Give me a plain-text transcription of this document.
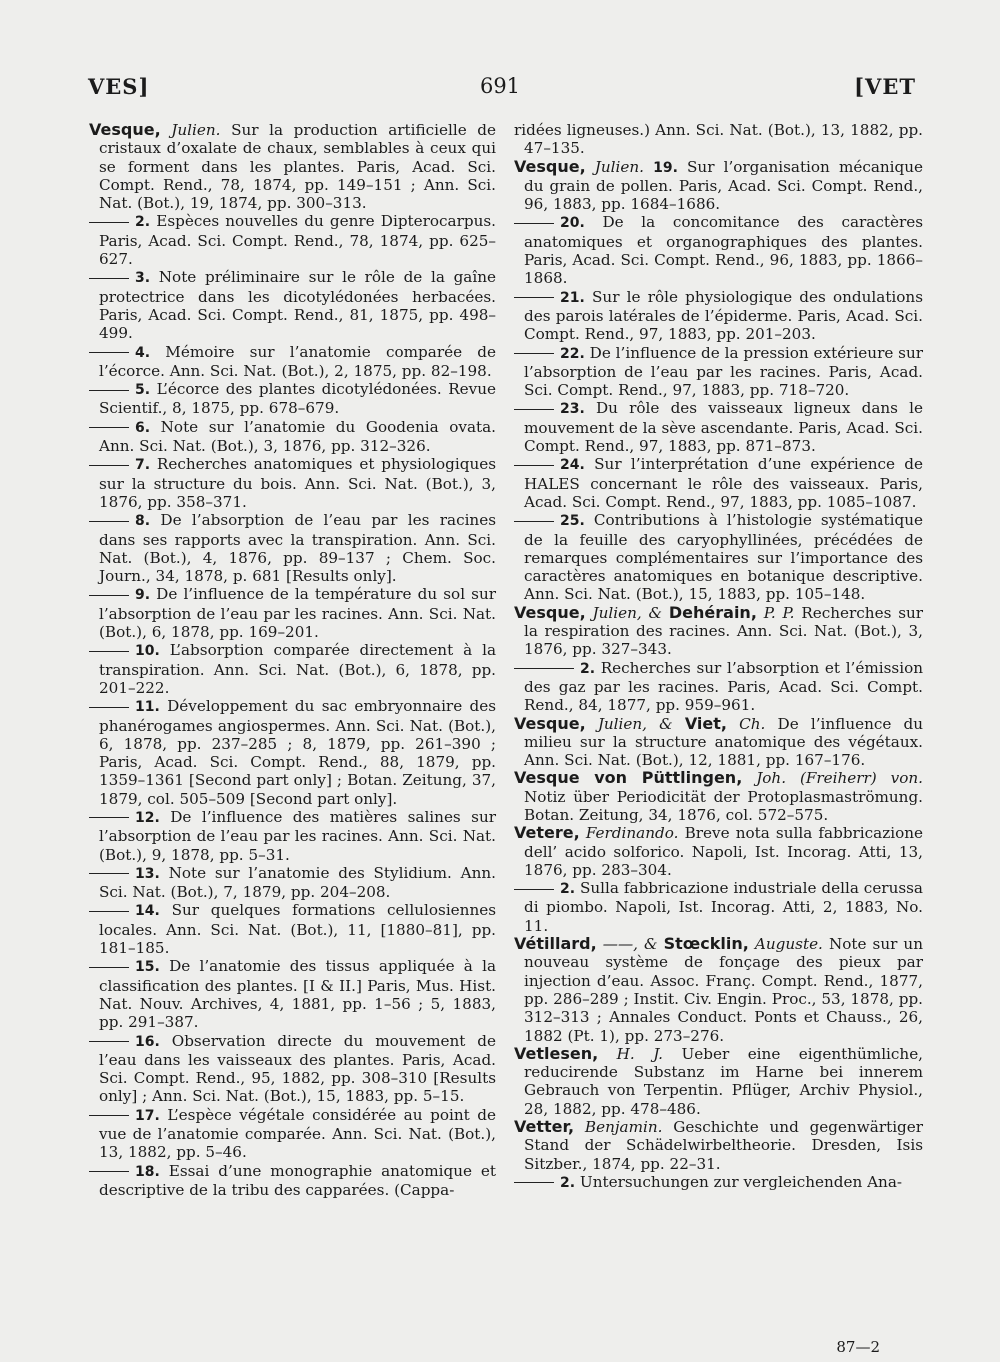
VES]	691	[VET

Vesque, Julien. Sur la production artificielle de cristaux d’oxalate de chaux, semblables à ceux qui se forment dans les plantes. Paris, Acad. Sci. Compt. Rend., 78, 1874, pp. 149–151 ; Ann. Sci. Nat. (Bot.), 19, 1874, pp. 300–313.

2. Espèces nouvelles du genre Dipterocarpus. Paris, Acad. Sci. Compt. Rend., 78, 1874, pp. 625–627.

3. Note préliminaire sur le rôle de la gaîne protectrice dans les dicotylédonées herbacées. Paris, Acad. Sci. Compt. Rend., 81, 1875, pp. 498–499.

4. Mémoire sur l’anatomie comparée de l’écorce. Ann. Sci. Nat. (Bot.), 2, 1875, pp. 82–198.

5. L’écorce des plantes dicotylédonées. Revue Scientif., 8, 1875, pp. 678–679.

6. Note sur l’anatomie du Goodenia ovata. Ann. Sci. Nat. (Bot.), 3, 1876, pp. 312–326.

7. Recherches anatomiques et physiologiques sur la structure du bois. Ann. Sci. Nat. (Bot.), 3, 1876, pp. 358–371.

8. De l’absorption de l’eau par les racines dans ses rapports avec la transpiration. Ann. Sci. Nat. (Bot.), 4, 1876, pp. 89–137 ; Chem. Soc. Journ., 34, 1878, p. 681 [Results only].

9. De l’influence de la température du sol sur l’absorption de l’eau par les racines. Ann. Sci. Nat. (Bot.), 6, 1878, pp. 169–201.

10. L’absorption comparée directement à la transpiration. Ann. Sci. Nat. (Bot.), 6, 1878, pp. 201–222.

11. Développement du sac embryonnaire des phanérogames angiospermes. Ann. Sci. Nat. (Bot.), 6, 1878, pp. 237–285 ; 8, 1879, pp. 261–390 ; Paris, Acad. Sci. Compt. Rend., 88, 1879, pp. 1359–1361 [Second part only] ; Botan. Zeitung, 37, 1879, col. 505–509 [Second part only].

12. De l’influence des matières salines sur l’absorption de l’eau par les racines. Ann. Sci. Nat. (Bot.), 9, 1878, pp. 5–31.

13. Note sur l’anatomie des Stylidium. Ann. Sci. Nat. (Bot.), 7, 1879, pp. 204–208.

14. Sur quelques formations cellulosiennes locales. Ann. Sci. Nat. (Bot.), 11, [1880–81], pp. 181–185.

15. De l’anatomie des tissus appliquée à la classification des plantes. [I & II.] Paris, Mus. Hist. Nat. Nouv. Archives, 4, 1881, pp. 1–56 ; 5, 1883, pp. 291–387.

16. Observation directe du mouvement de l’eau dans les vaisseaux des plantes. Paris, Acad. Sci. Compt. Rend., 95, 1882, pp. 308–310 [Results only] ; Ann. Sci. Nat. (Bot.), 15, 1883, pp. 5–15.

17. L’espèce végétale considérée au point de vue de l’anatomie comparée. Ann. Sci. Nat. (Bot.), 13, 1882, pp. 5–46.

18. Essai d’une monographie anatomique et descriptive de la tribu des capparées. (Cappa-

ridées ligneuses.) Ann. Sci. Nat. (Bot.), 13, 1882, pp. 47–135.

Vesque, Julien. 19. Sur l’organisation mécanique du grain de pollen. Paris, Acad. Sci. Compt. Rend., 96, 1883, pp. 1684–1686.

20. De la concomitance des caractères anatomiques et organographiques des plantes. Paris, Acad. Sci. Compt. Rend., 96, 1883, pp. 1866–1868.

21. Sur le rôle physiologique des ondulations des parois latérales de l’épiderme. Paris, Acad. Sci. Compt. Rend., 97, 1883, pp. 201–203.

22. De l’influence de la pression extérieure sur l’absorption de l’eau par les racines. Paris, Acad. Sci. Compt. Rend., 97, 1883, pp. 718–720.

23. Du rôle des vaisseaux ligneux dans le mouvement de la sève ascendante. Paris, Acad. Sci. Compt. Rend., 97, 1883, pp. 871–873.

24. Sur l’interprétation d’une expérience de HALES concernant le rôle des vaisseaux. Paris, Acad. Sci. Compt. Rend., 97, 1883, pp. 1085–1087.

25. Contributions à l’histologie systématique de la feuille des caryophyllinées, précédées de remarques complémentaires sur l’importance des caractères anatomiques en botanique descriptive. Ann. Sci. Nat. (Bot.), 15, 1883, pp. 105–148.

Vesque, Julien, & Dehérain, P. P. Recherches sur la respiration des racines. Ann. Sci. Nat. (Bot.), 3, 1876, pp. 327–343.

2. Recherches sur l’absorption et l’émission des gaz par les racines. Paris, Acad. Sci. Compt. Rend., 84, 1877, pp. 959–961.

Vesque, Julien, & Viet, Ch. De l’influence du milieu sur la structure anatomique des végétaux. Ann. Sci. Nat. (Bot.), 12, 1881, pp. 167–176.

Vesque von Püttlingen, Joh. (Freiherr) von. Notiz über Periodicität der Protoplasmaströmung. Botan. Zeitung, 34, 1876, col. 572–575.

Vetere, Ferdinando. Breve nota sulla fabbricazione dell’ acido solforico. Napoli, Ist. Incorag. Atti, 13, 1876, pp. 283–304.

2. Sulla fabbricazione industriale della cerussa di piombo. Napoli, Ist. Incorag. Atti, 2, 1883, No. 11.

Vétillard, ——, & Stœcklin, Auguste. Note sur un nouveau système de fonçage des pieux par injection d’eau. Assoc. Franç. Compt. Rend., 1877, pp. 286–289 ; Instit. Civ. Engin. Proc., 53, 1878, pp. 312–313 ; Annales Conduct. Ponts et Chauss., 26, 1882 (Pt. 1), pp. 273–276.

Vetlesen, H. J. Ueber eine eigenthümliche, reducirende Substanz im Harne bei innerem Gebrauch von Terpentin. Pflüger, Archiv Physiol., 28, 1882, pp. 478–486.

Vetter, Benjamin. Geschichte und gegenwärtiger Stand der Schädelwirbeltheorie. Dresden, Isis Sitzber., 1874, pp. 22–31.

2. Untersuchungen zur vergleichenden Ana-

87—2
